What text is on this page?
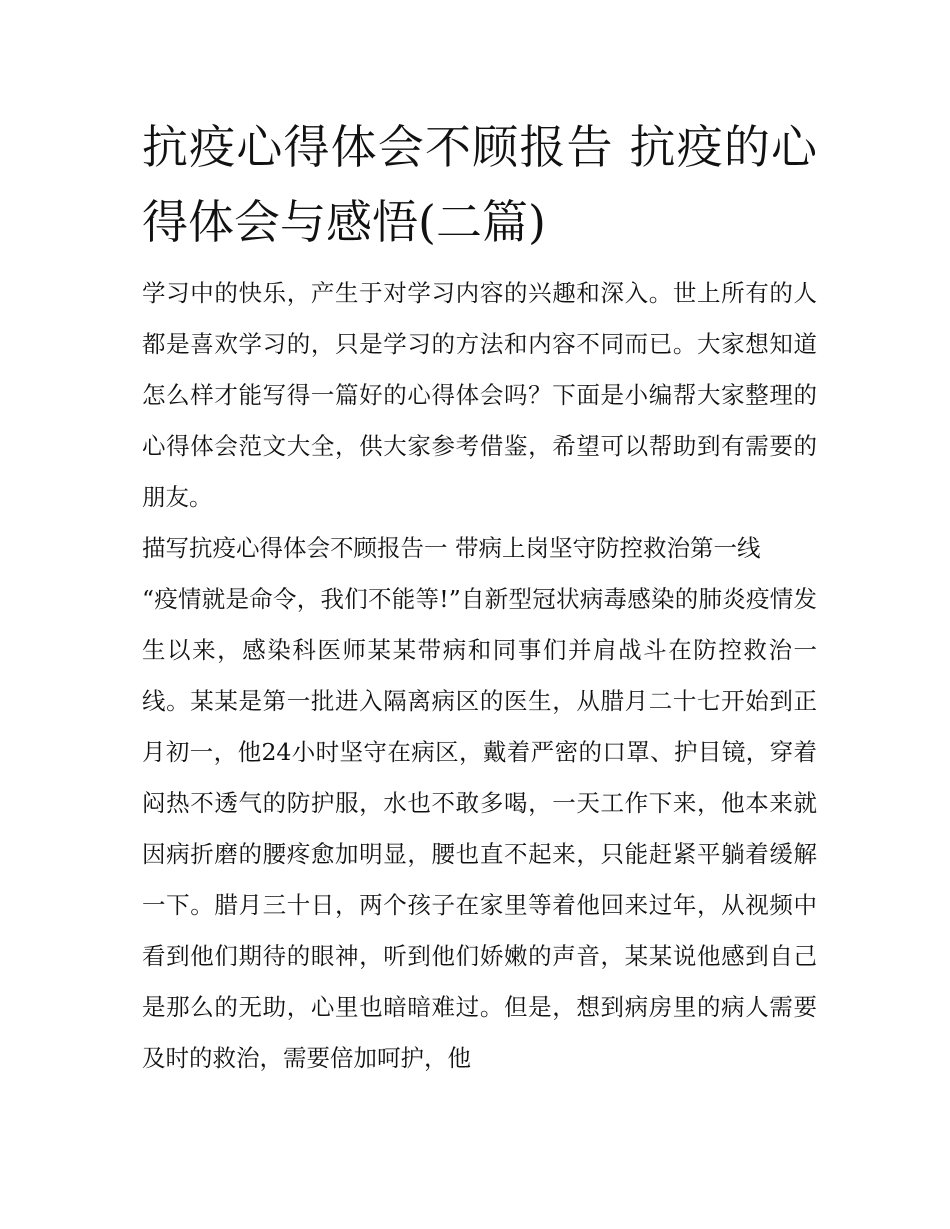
抗疫心得体会不顾报告 抗疫的心得体会与感悟(二篇)

学习中的快乐，产生于对学习内容的兴趣和深入。世上所有的人都是喜欢学习的，只是学习的方法和内容不同而已。大家想知道怎么样才能写得一篇好的心得体会吗？下面是小编帮大家整理的心得体会范文大全，供大家参考借鉴，希望可以帮助到有需要的朋友。

描写抗疫心得体会不顾报告一 带病上岗坚守防控救治第一线

“疫情就是命令，我们不能等!”自新型冠状病毒感染的肺炎疫情发生以来，感染科医师某某带病和同事们并肩战斗在防控救治一线。某某是第一批进入隔离病区的医生，从腊月二十七开始到正月初一，他24小时坚守在病区，戴着严密的口罩、护目镜，穿着闷热不透气的防护服，水也不敢多喝，一天工作下来，他本来就因病折磨的腰疼愈加明显，腰也直不起来，只能赶紧平躺着缓解一下。腊月三十日，两个孩子在家里等着他回来过年，从视频中看到他们期待的眼神，听到他们娇嫩的声音，某某说他感到自己是那么的无助，心里也暗暗难过。但是，想到病房里的病人需要及时的救治，需要倍加呵护，他
